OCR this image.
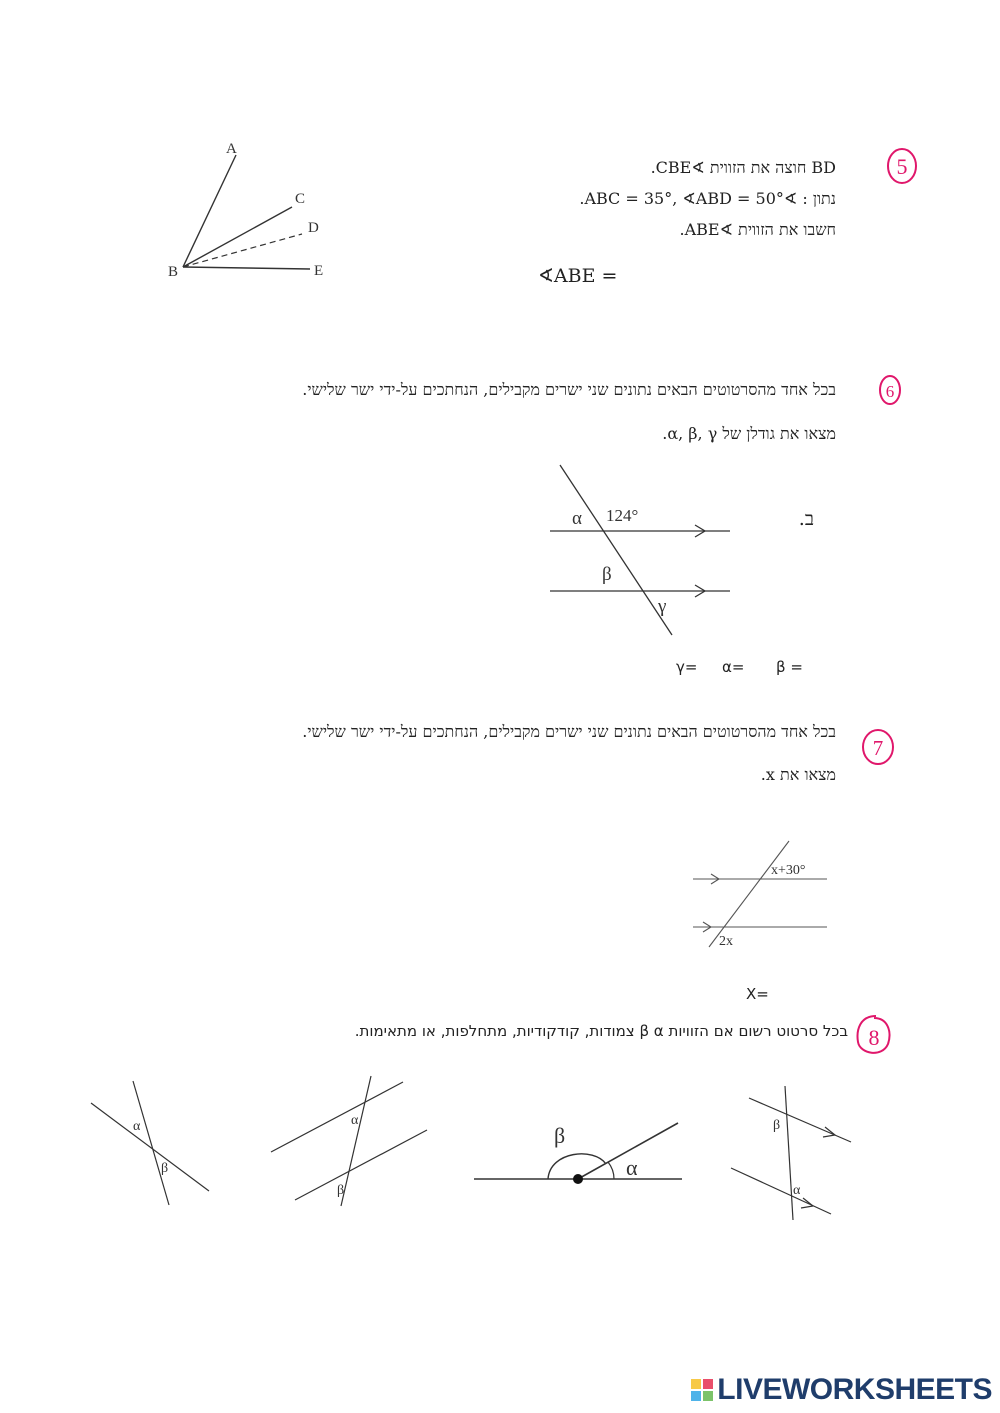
5
BD חוצה את הזווית ∢CBE.
נתון : ∢ABC = 35°, ∢ABD = 50°.
חשבו את הזווית ∢ABE.
∢ABE =
A
C
D
B	E
6
בכל אחד מהסרטוטים הבאים נתונים שני ישרים מקבילים, הנחתכים על-ידי ישר שלישי.
מצאו את גודלן של α, β, γ.
ב.
α 124°
β
γ
β =
α=
γ=
7
בכל אחד מהסרטוטים הבאים נתונים שני ישרים מקבילים, הנחתכים על-ידי ישר שלישי.
מצאו את x.
x+30°
2x
X=
8
בכל סרטוט רשום אם הזוויות β α צמודות, קודקודיות, מתחלפות, או מתאימות.
α
β
α
β
β
α
β
α
LIVEWORKSHEETS
